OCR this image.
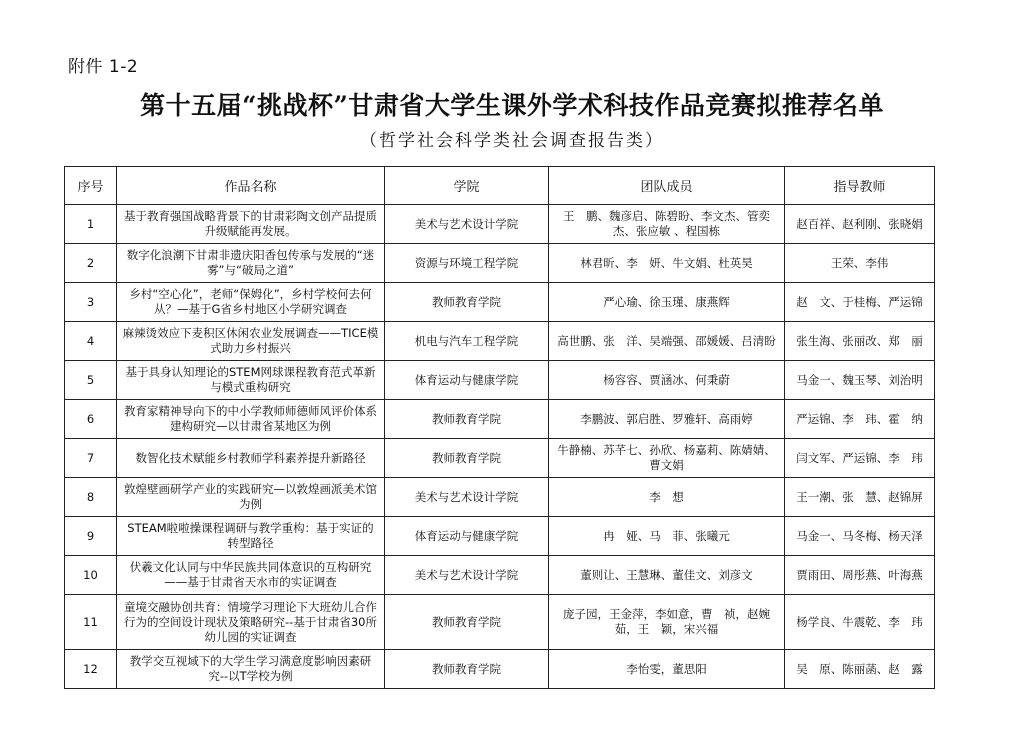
附件 1-2
第十五届“挑战杯”甘肃省大学生课外学术科技作品竞赛拟推荐名单
（哲学社会科学类社会调查报告类）
序号	作品名称	学院	团队成员	指导教师
1	基于教育强国战略背景下的甘肃彩陶文创产品提质升级赋能再发展。	美术与艺术设计学院	王　鹏、魏彦启、陈碧盼、李文杰、管奕杰、张应敏 、程国栋	赵百祥、赵利刚、张晓娟
2	数字化浪潮下甘肃非遗庆阳香包传承与发展的“迷雾”与“破局之道”	资源与环境工程学院	林君昕、李　妍、牛文娟、杜英昊	王荣、李伟
3	乡村“空心化”，老师“保姆化”，乡村学校何去何从？—基于G省乡村地区小学研究调查	教师教育学院	严心瑜、徐玉瑾、康燕辉	赵　文、于桂梅、严运锦
4	麻辣烫效应下麦积区休闲农业发展调查——TICE模式助力乡村振兴	机电与汽车工程学院	高世鹏、张　洋、吴端强、邵媛媛、吕清盼	张生海、张丽改、郑　丽
5	基于具身认知理论的STEM网球课程教育范式革新与模式重构研究	体育运动与健康学院	杨容容、贾涵冰、何秉蔚	马金一、魏玉琴、刘治明
6	教育家精神导向下的中小学教师师德师风评价体系建构研究—以甘肃省某地区为例	教师教育学院	李鹏波、郭启胜、罗雅轩、高雨婷	严运锦、李　玮、霍　纳
7	数智化技术赋能乡村教师学科素养提升新路径	教师教育学院	牛静楠、苏芊七、孙欣、杨嘉莉、陈婧婧、曹文娟	闫文军、严运锦、李　玮
8	敦煌壁画研学产业的实践研究—以敦煌画派美术馆为例	美术与艺术设计学院	李　想	王一潮、张　慧、赵锦屏
9	STEAM啦啦操课程调研与教学重构：基于实证的转型路径	体育运动与健康学院	冉　娅、马　菲、张曦元	马金一、马冬梅、杨天泽
10	伏羲文化认同与中华民族共同体意识的互构研究 ——基于甘肃省天水市的实证调查	美术与艺术设计学院	董则让、王慧琳、董佳文、刘彦文	贾雨田、周彤燕、叶海燕
11	童境交融协创共育：情境学习理论下大班幼儿合作行为的空间设计现状及策略研究--基于甘肃省30所幼儿园的实证调查	教师教育学院	庞子园，王金萍，李如意，曹　祯，赵婉茹，王　颖，宋兴福	杨学良、牛震乾、李　玮
12	教学交互视域下的大学生学习满意度影响因素研究--以T学校为例	教师教育学院	李怡雯，董思阳	吴　原、陈丽菡、赵　露
